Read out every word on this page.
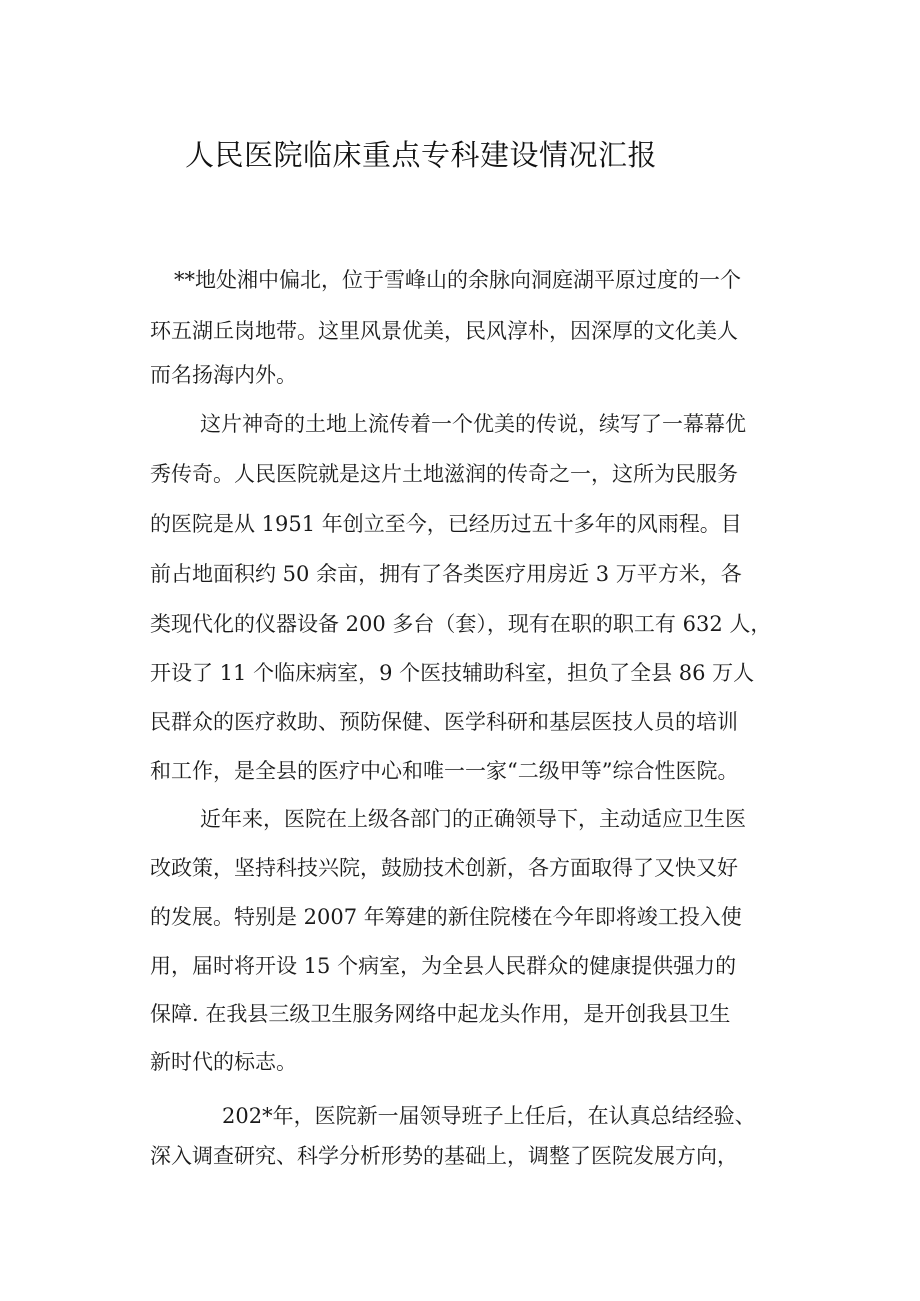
人民医院临床重点专科建设情况汇报
**地处湘中偏北，位于雪峰山的余脉向洞庭湖平原过度的一个
环五湖丘岗地带。这里风景优美，民风淳朴，因深厚的文化美人
而名扬海内外。
这片神奇的土地上流传着一个优美的传说，续写了一幕幕优
秀传奇。人民医院就是这片土地滋润的传奇之一，这所为民服务
的医院是从 1951 年创立至今，已经历过五十多年的风雨程。目
前占地面积约 50 余亩，拥有了各类医疗用房近 3 万平方米，各
类现代化的仪器设备 200 多台（套），现有在职的职工有 632 人，
开设了 11 个临床病室，9 个医技辅助科室，担负了全县 86 万人
民群众的医疗救助、预防保健、医学科研和基层医技人员的培训
和工作，是全县的医疗中心和唯一一家“二级甲等”综合性医院。
近年来，医院在上级各部门的正确领导下，主动适应卫生医
改政策，坚持科技兴院，鼓励技术创新，各方面取得了又快又好
的发展。特别是 2007 年筹建的新住院楼在今年即将竣工投入使
用，届时将开设 15 个病室，为全县人民群众的健康提供强力的
保障. 在我县三级卫生服务网络中起龙头作用，是开创我县卫生
新时代的标志。
202*年，医院新一届领导班子上任后，在认真总结经验、
深入调查研究、科学分析形势的基础上，调整了医院发展方向，
